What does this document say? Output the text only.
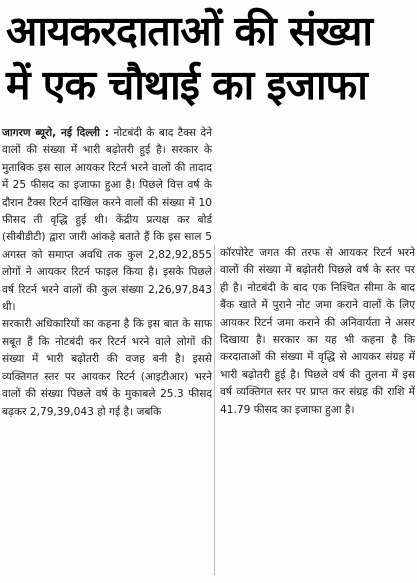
आयकरदाताओं की संख्या
में एक चौथाई का इजाफा

जागरण ब्यूरो, नई दिल्ली : नोटबंदी के बाद टैक्स देने वालों की संख्या में भारी बढ़ोतरी हुई है। सरकार के मुताबिक इस साल आयकर रिटर्न भरने वालों की तादाद में 25 फीसद का इजाफा हुआ है। पिछले वित्त वर्ष के दौरान टैक्स रिटर्न दाखिल करने वालों की संख्या में 10 फीसद ती वृद्धि हुई थी। केंद्रीय प्रत्यक्ष कर बोर्ड (सीबीडीटी) द्वारा जारी आंकड़े बताते हैं कि इस साल 5 अगस्त को समाप्त अवधि तक कुल 2,82,92,855 लोगों ने आयकर रिटर्न फाइल किया है। इसके पिछले वर्ष रिटर्न भरने वालों की कुल संख्या 2,26,97,843 थी।

सरकारी अधिकारियों का कहना है कि इस बात के साफ सबूत हैं कि नोटबंदी कर रिटर्न भरने वाले लोगों की संख्या में भारी बढ़ोतरी की वजह बनी है। इससे व्यक्तिगत स्तर पर आयकर रिटर्न (आइटीआर) भरने वालों की संख्या पिछले वर्ष के मुकाबले 25.3 फीसद बढ़कर 2,79,39,043 हो गई है। जबकि

कॉरपोरेट जगत की तरफ से आयकर रिटर्न भरने वालों की संख्या में बढ़ोतरी पिछले वर्ष के स्तर पर ही है। नोटबंदी के बाद एक निश्चित सीमा के बाद बैंक खाते में पुराने नोट जमा कराने वालों के लिए आयकर रिटर्न जमा कराने की अनिवार्यता ने असर दिखाया है। सरकार का यह भी कहना है कि करदाताओं की संख्या में वृद्धि से आयकर संग्रह में भारी बढ़ोतरी हुई है। पिछले वर्ष की तुलना में इस वर्ष व्यक्तिगत स्तर पर प्राप्त कर संग्रह की राशि में 41.79 फीसद का इजाफा हुआ है।
